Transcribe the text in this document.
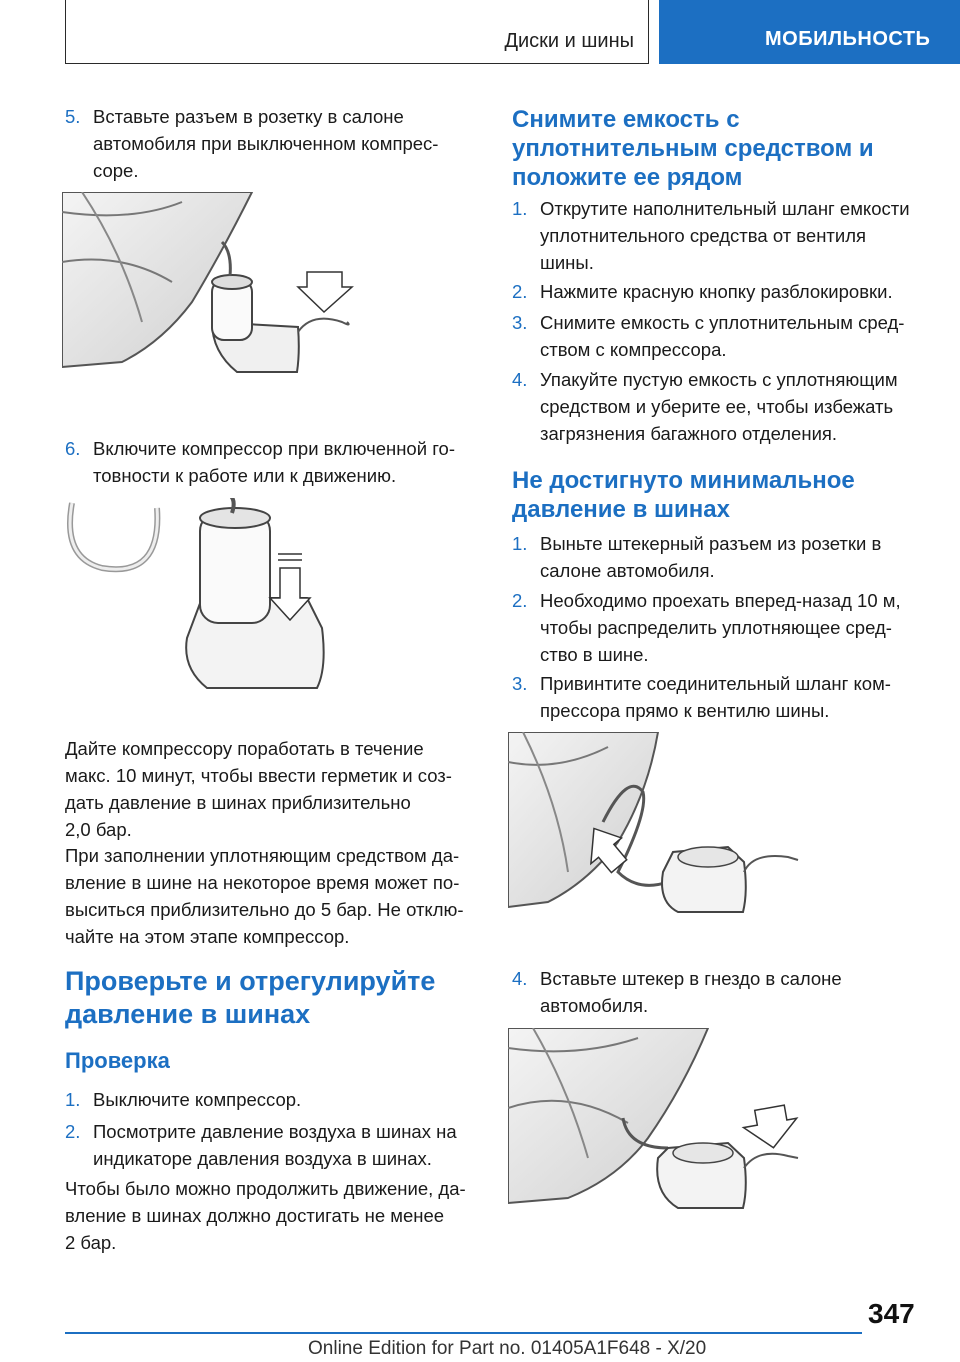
Диски и шины	МОБИЛЬНОСТЬ
5. Вставьте разъем в розетку в салоне
автомобиля при выключенном компрес-
соре.
6. Включите компрессор при включенной го-
товности к работе или к движению.
Дайте компрессору поработать в течение
макс. 10 минут, чтобы ввести герметик и соз-
дать давление в шинах приблизительно
2,0 бар.
При заполнении уплотняющим средством да-
вление в шине на некоторое время может по-
выситься приблизительно до 5 бар. Не отклю-
чайте на этом этапе компрессор.
Проверьте и отрегулируйте
давление в шинах
Проверка
1. Выключите компрессор.
2. Посмотрите давление воздуха в шинах на
индикаторе давления воздуха в шинах.
Чтобы было можно продолжить движение, да-
вление в шинах должно достигать не менее
2 бар.
Снимите емкость с
уплотнительным средством и
положите ее рядом
1. Открутите наполнительный шланг емкости
уплотнительного средства от вентиля
шины.
2. Нажмите красную кнопку разблокировки.
3. Снимите емкость с уплотнительным сред-
ством с компрессора.
4. Упакуйте пустую емкость с уплотняющим
средством и уберите ее, чтобы избежать
загрязнения багажного отделения.
Не достигнуто минимальное
давление в шинах
1. Выньте штекерный разъем из розетки в
салоне автомобиля.
2. Необходимо проехать вперед-назад 10 м,
чтобы распределить уплотняющее сред-
ство в шине.
3. Привинтите соединительный шланг ком-
прессора прямо к вентилю шины.
4. Вставьте штекер в гнездо в салоне
автомобиля.
347
Online Edition for Part no. 01405A1F648 - X/20
